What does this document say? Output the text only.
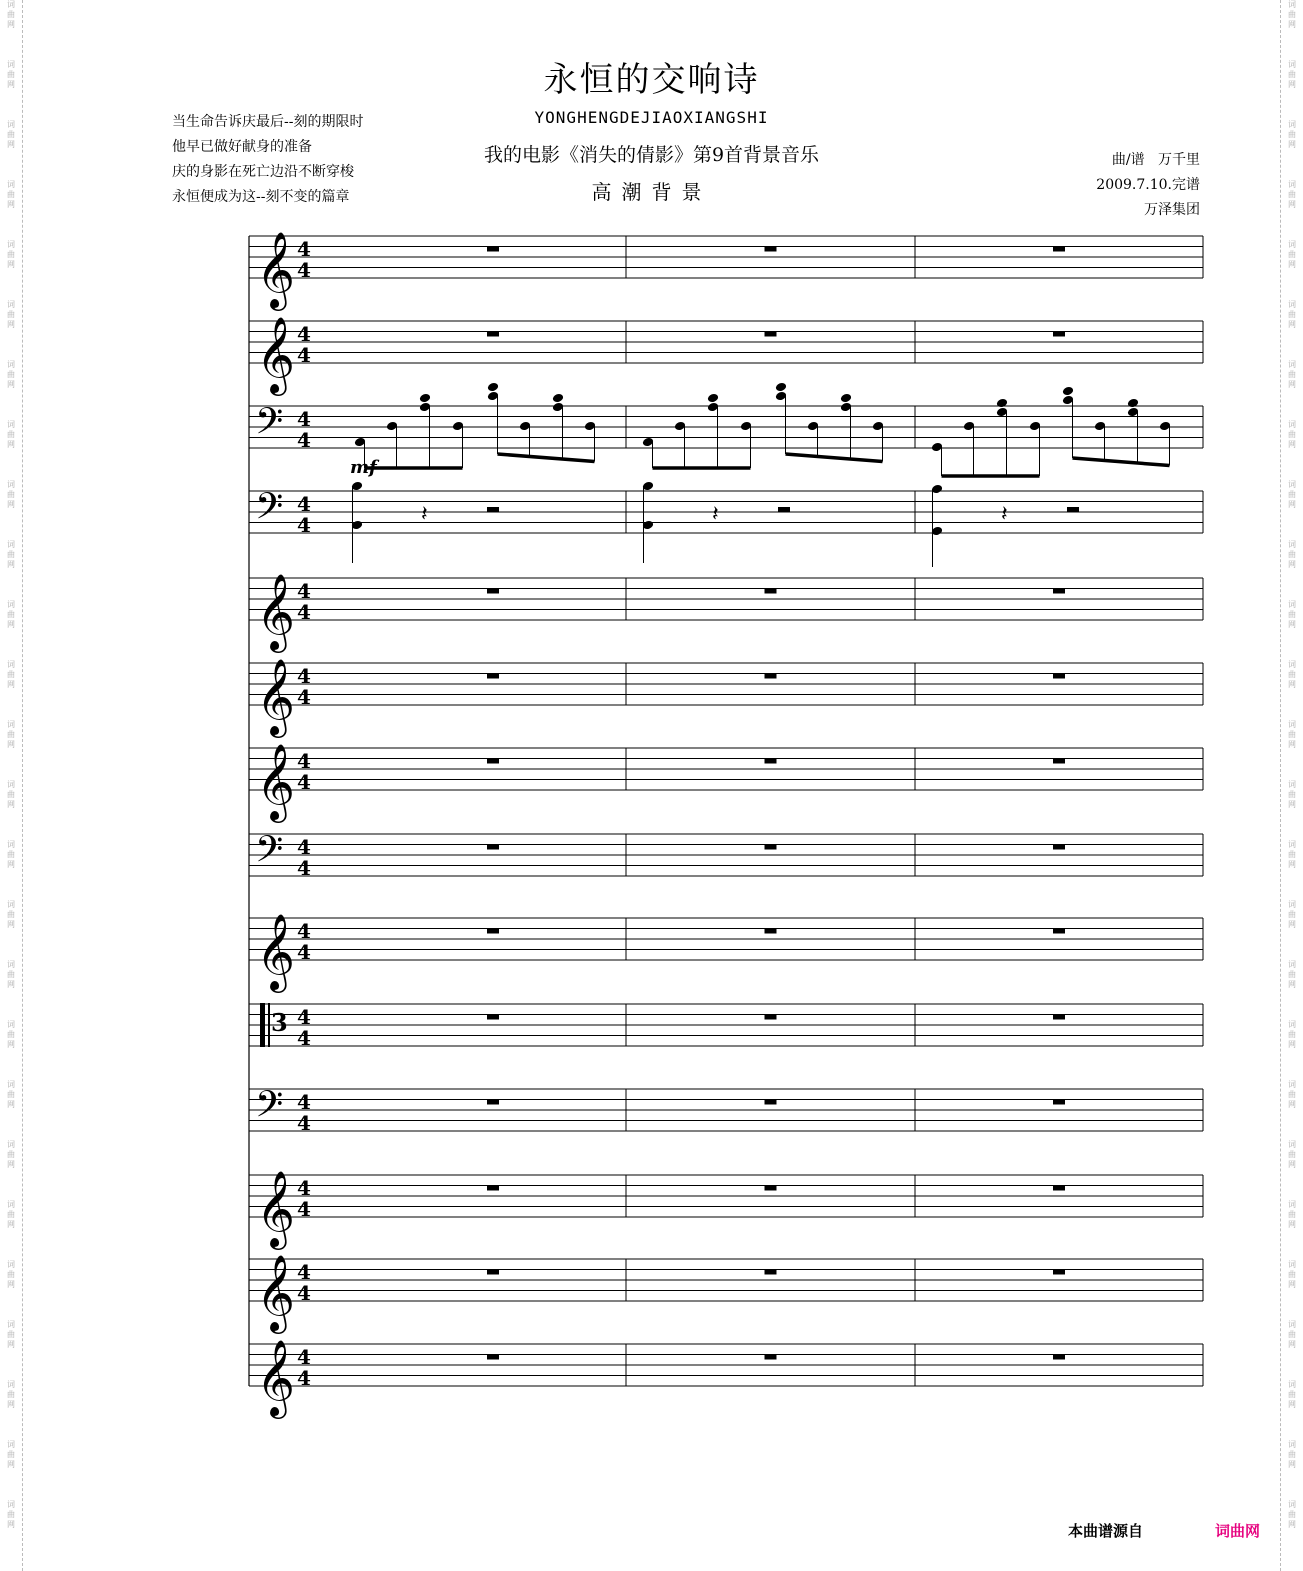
词
曲
网
词
曲
网
词
曲
网
词
曲
网
词
曲
网
词
曲
网
词
曲
网
词
曲
网
词
曲
网
词
曲
网
词
曲
网
词
曲
网
词
曲
网
词
曲
网
词
曲
网
词
曲
网
词
曲
网
词
曲
网
词
曲
网
词
曲
网
词
曲
网
词
曲
网
词
曲
网
词
曲
网
词
曲
网
词
曲
网
词
曲
网
词
曲
网
词
曲
网
词
曲
网
词
曲
网
词
曲
网
词
曲
网
词
曲
网
词
曲
网
词
曲
网
词
曲
网
词
曲
网
词
曲
网
词
曲
网
词
曲
网
词
曲
网
词
曲
网
词
曲
网
词
曲
网
词
曲
网
词
曲
网
词
曲
网
词
曲
网
词
曲
网
词
曲
网
词
曲
网
永恒的交响诗
YONGHENGDEJIAOXIANGSHI
我的电影《消失的倩影》第9首背景音乐
高潮背景
当生命告诉庆最后--刻的期限时
他早已做好献身的准备
庆的身影在死亡边沿不断穿梭
永恒便成为这--刻不变的篇章
曲/谱   万千里
2009.7.10.完谱
万泽集团
𝄞 4
4
𝄞 4
4
𝄢 4
4
mf
𝄢 4
4	𝄽	𝄽	𝄽
𝄞 4
4
𝄞 4
4
𝄞 4
4
𝄢 4
4
𝄞 4
4
3 4
4
𝄢 4
4
𝄞 4
4
𝄞 4
4
𝄞 4
4
本曲谱源自	词曲网
